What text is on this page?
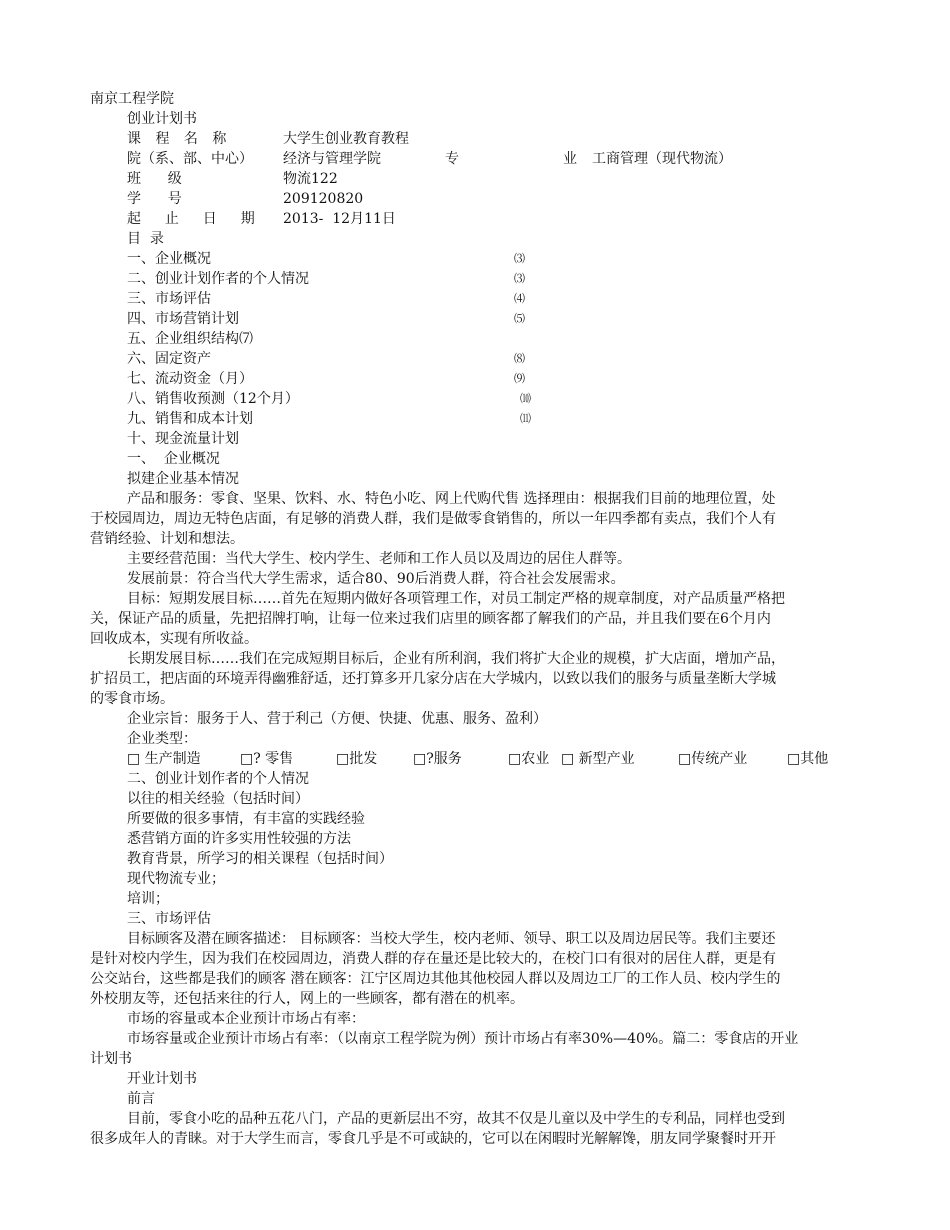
南京工程学院
创业计划书
课 程 名 称	大学生创业教育教程
院（系、部、中心） 经济与管理学院	专	业 工商管理（现代物流）
班      级	物流122
学      号	209120820
起  止  日  期 2013-  12月11日
目  录
一、企业概况	⑶
二、创业计划作者的个人情况	⑶
三、市场评估	⑷
四、市场营销计划	⑸
五、企业组织结构⑺
六、固定资产	⑻
七、流动资金（月）	⑼
八、销售收预测（12个月）	⑽
九、销售和成本计划	⑾
十、现金流量计划
一、  企业概况
拟建企业基本情况
产品和服务：零食、坚果、饮料、水、特色小吃、网上代购代售 选择理由：根据我们目前的地理位置，处
于校园周边，周边无特色店面，有足够的消费人群，我们是做零食销售的，所以一年四季都有卖点，我们个人有
营销经验、计划和想法。
主要经营范围：当代大学生、校内学生、老师和工作人员以及周边的居住人群等。
发展前景：符合当代大学生需求，适合80、90后消费人群，符合社会发展需求。
目标：短期发展目标……首先在短期内做好各项管理工作，对员工制定严格的规章制度，对产品质量严格把
关，保证产品的质量，先把招牌打响，让每一位来过我们店里的顾客都了解我们的产品，并且我们要在6个月内
回收成本，实现有所收益。
长期发展目标……我们在完成短期目标后，企业有所利润，我们将扩大企业的规模，扩大店面，增加产品，
扩招员工，把店面的环境弄得幽雅舒适，还打算多开几家分店在大学城内，以致以我们的服务与质量垄断大学城
的零食市场。
企业宗旨：服务于人、营于利己（方便、快捷、优惠、服务、盈利）
企业类型：
□ 生产制造	□? 零售	□批发	□?服务	□农业 □ 新型产业	□传统产业	□其他
二、创业计划作者的个人情况
以往的相关经验（包括时间）
所要做的很多事情，有丰富的实践经验
悉营销方面的许多实用性较强的方法
教育背景，所学习的相关课程（包括时间）
现代物流专业；
培训；
三、市场评估
目标顾客及潜在顾客描述： 目标顾客：当校大学生，校内老师、领导、职工以及周边居民等。我们主要还
是针对校内学生，因为我们在校园周边，消费人群的存在量还是比较大的，在校门口有很对的居住人群，更是有
公交站台，这些都是我们的顾客 潜在顾客：江宁区周边其他其他校园人群以及周边工厂的工作人员、校内学生的
外校朋友等，还包括来往的行人，网上的一些顾客，都有潜在的机率。
市场的容量或本企业预计市场占有率：
市场容量或企业预计市场占有率：（以南京工程学院为例）预计市场占有率30%—40%。篇二：零食店的开业
计划书
开业计划书
前言
目前，零食小吃的品种五花八门，产品的更新层出不穷，故其不仅是儿童以及中学生的专利品，同样也受到
很多成年人的青睐。对于大学生而言，零食几乎是不可或缺的，它可以在闲暇时光解解馋，朋友同学聚餐时开开
